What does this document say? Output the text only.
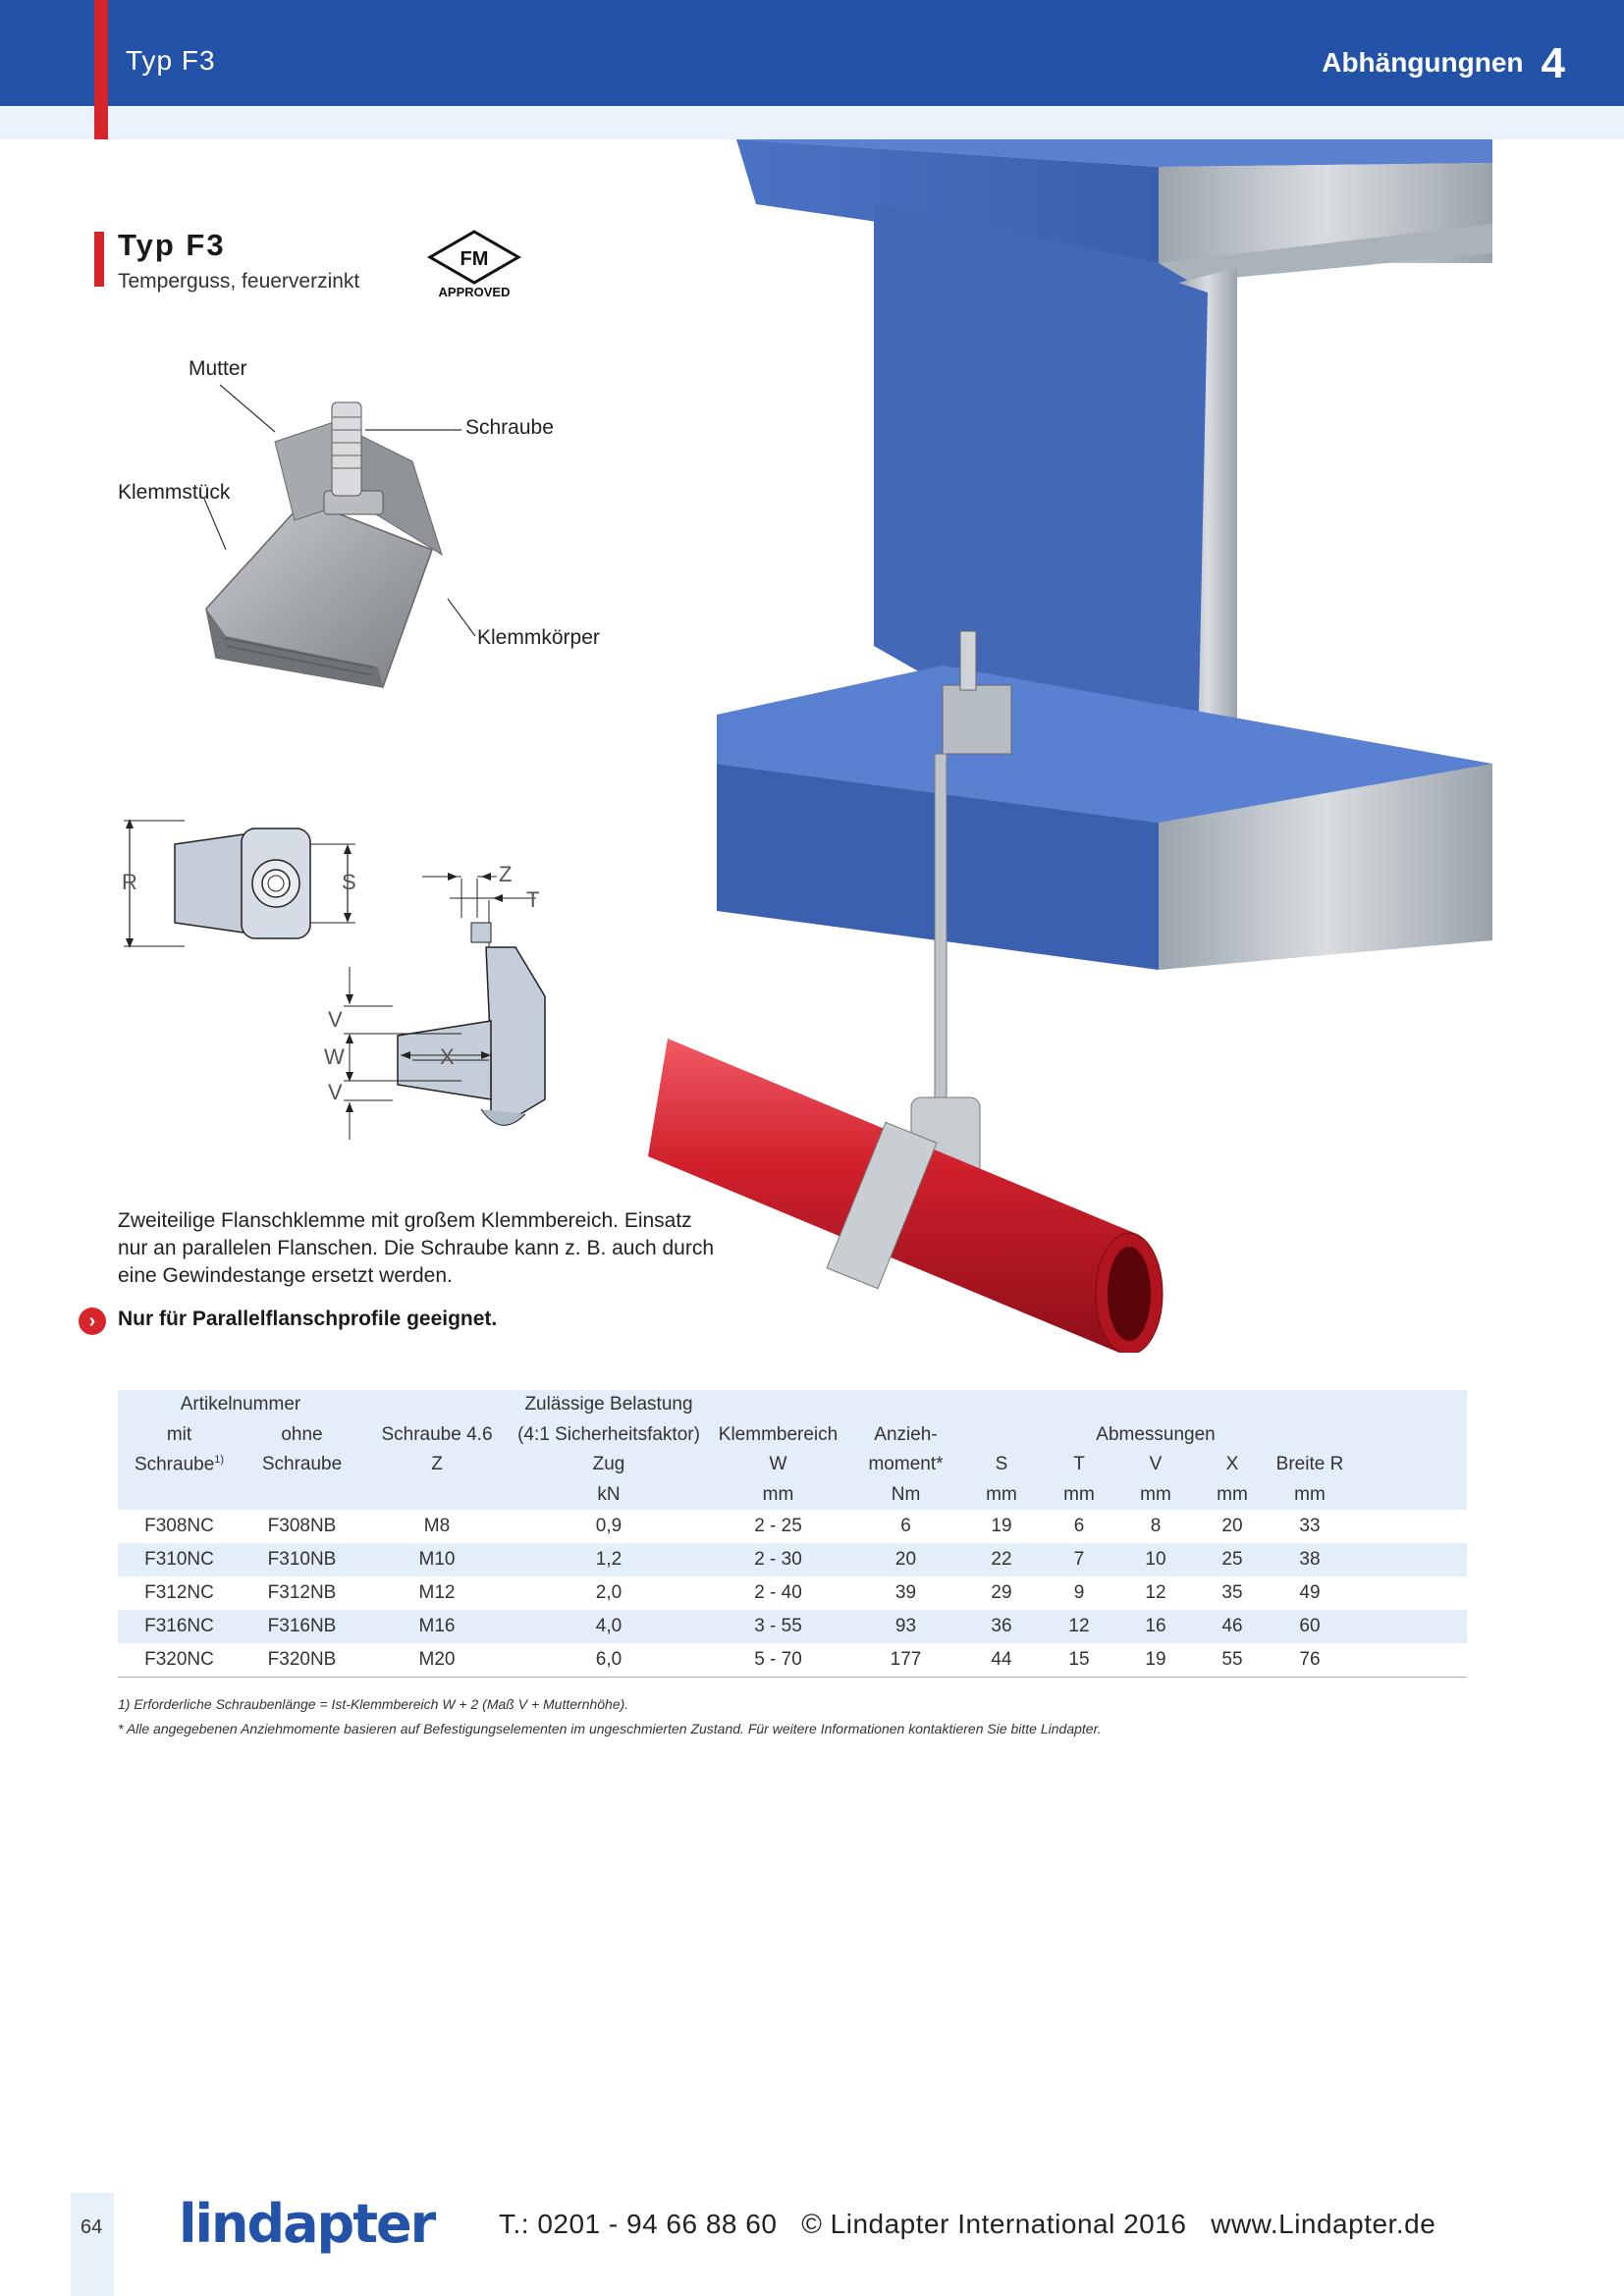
Typ F3	Abhängungnen 4
Typ F3
Temperguss, feuerverzinkt
FM
APPROVED
Mutter
Schraube
Klemmstück
Klemmkörper
R	S	Z
T
V
W	X
V
Zweiteilige Flanschklemme mit großem Klemmbereich. Einsatz nur an parallelen Flanschen. Die Schraube kann z. B. auch durch eine Gewindestange ersetzt werden.
›	Nur für Parallelflanschprofile geeignet.
Artikelnummer			Zulässige Belastung								
mit	ohne	Schraube 4.6	(4:1 Sicherheitsfaktor)	Klemmbereich	Anzieh-	Abmessungen					
Schraube$^{1)}$	Schraube	Z	Zug	W	moment*	S	T	V	X	Breite R	
			kN	mm	Nm	mm	mm	mm	mm	mm	
F308NC	F308NB	M8	0,9	2 - 25	6	19	6	8	20	33	
F310NC	F310NB	M10	1,2	2 - 30	20	22	7	10	25	38	
F312NC	F312NB	M12	2,0	2 - 40	39	29	9	12	35	49	
F316NC	F316NB	M16	4,0	3 - 55	93	36	12	16	46	60	
F320NC	F320NB	M20	6,0	5 - 70	177	44	15	19	55	76	
1) Erforderliche Schraubenlänge = Ist-Klemmbereich W + 2 (Maß V + Mutternhöhe).
* Alle angegebenen Anziehmomente basieren auf Befestigungselementen im ungeschmierten Zustand. Für weitere Informationen kontaktieren Sie bitte Lindapter.
64 lindapter T.: 0201 - 94 66 88 60   © Lindapter International 2016   www.Lindapter.de
